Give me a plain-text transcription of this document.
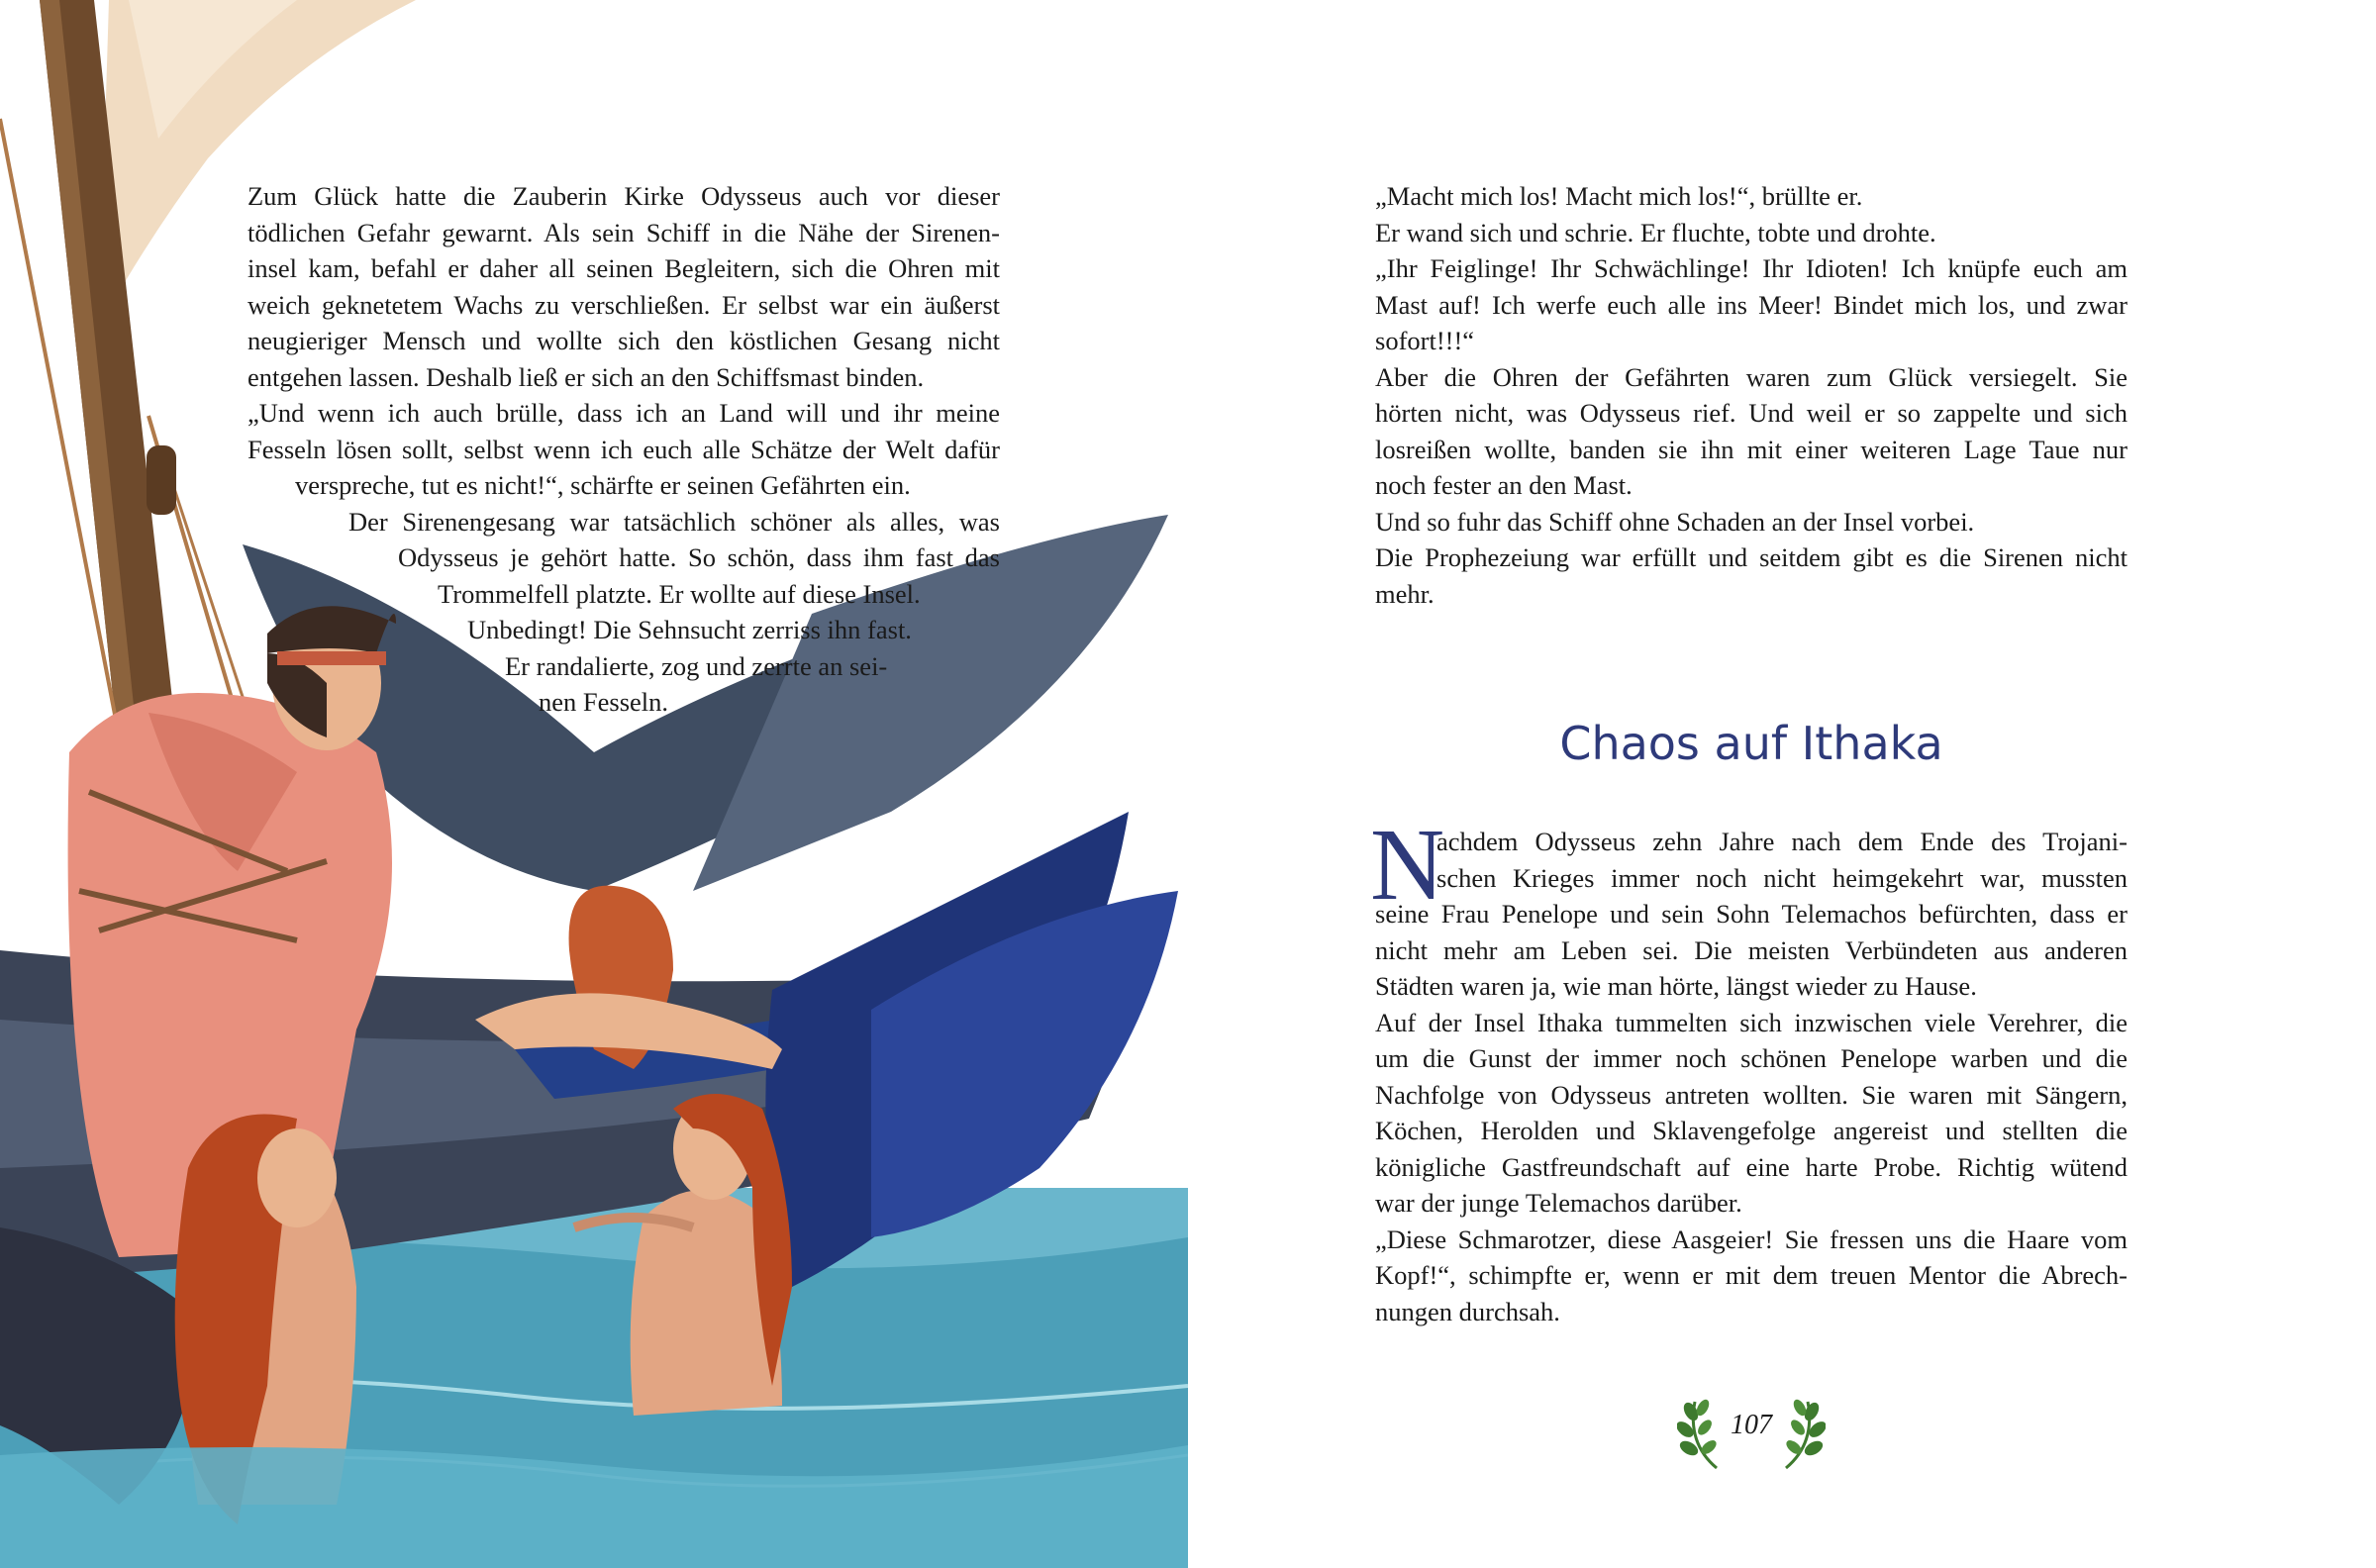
Zum Glück hatte die Zauberin Kirke Odysseus auch vor dieser
tödlichen Gefahr gewarnt. Als sein Schiff in die Nähe der Sirenen-
insel kam, befahl er daher all seinen Begleitern, sich die Ohren mit
weich geknetetem Wachs zu verschließen. Er selbst war ein äußerst
neugieriger Mensch und wollte sich den köstlichen Gesang nicht
entgehen lassen. Deshalb ließ er sich an den Schiffsmast binden.
„Und wenn ich auch brülle, dass ich an Land will und ihr meine
Fesseln lösen sollt, selbst wenn ich euch alle Schätze der Welt dafür
verspreche, tut es nicht!“, schärfte er seinen Gefährten ein.
Der Sirenengesang war tatsächlich schöner als alles, was
Odysseus je gehört hatte. So schön, dass ihm fast das
Trommelfell platzte. Er wollte auf diese Insel.
Unbedingt! Die Sehnsucht zerriss ihn fast.
Er randalierte, zog und zerrte an sei-
nen Fesseln.
„Macht mich los! Macht mich los!“, brüllte er.
Er wand sich und schrie. Er fluchte, tobte und drohte.
„Ihr Feiglinge! Ihr Schwächlinge! Ihr Idioten! Ich knüpfe euch am
Mast auf! Ich werfe euch alle ins Meer! Bindet mich los, und zwar
sofort!!!“
Aber die Ohren der Gefährten waren zum Glück versiegelt. Sie
hörten nicht, was Odysseus rief. Und weil er so zappelte und sich
losreißen wollte, banden sie ihn mit einer weiteren Lage Taue nur
noch fester an den Mast.
Und so fuhr das Schiff ohne Schaden an der Insel vorbei.
Die Prophezeiung war erfüllt und seitdem gibt es die Sirenen nicht
mehr.
Chaos auf Ithaka
N
achdem Odysseus zehn Jahre nach dem Ende des Trojani-
schen Krieges immer noch nicht heimgekehrt war, mussten
seine Frau Penelope und sein Sohn Telemachos befürchten, dass er
nicht mehr am Leben sei. Die meisten Verbündeten aus anderen
Städten waren ja, wie man hörte, längst wieder zu Hause.
Auf der Insel Ithaka tummelten sich inzwischen viele Verehrer, die
um die Gunst der immer noch schönen Penelope warben und die
Nachfolge von Odysseus antreten wollten. Sie waren mit Sängern,
Köchen, Herolden und Sklavengefolge angereist und stellten die
königliche Gastfreundschaft auf eine harte Probe. Richtig wütend
war der junge Telemachos darüber.
„Diese Schmarotzer, diese Aasgeier! Sie fressen uns die Haare vom
Kopf!“, schimpfte er, wenn er mit dem treuen Mentor die Abrech-
nungen durchsah.
107
